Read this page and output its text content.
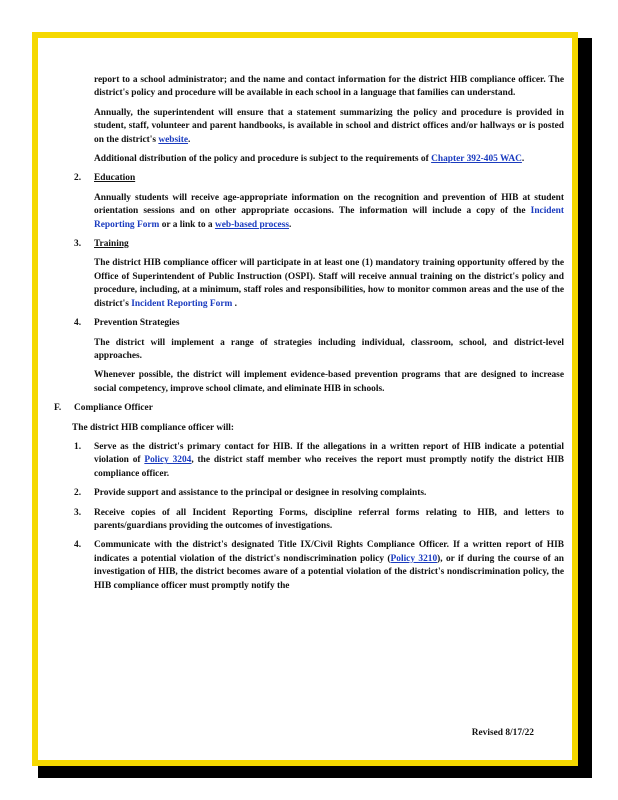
report to a school administrator; and the name and contact information for the district HIB compliance officer. The district's policy and procedure will be available in each school in a language that families can understand.

Annually, the superintendent will ensure that a statement summarizing the policy and procedure is provided in student, staff, volunteer and parent handbooks, is available in school and district offices and/or hallways or is posted on the district's website.

Additional distribution of the policy and procedure is subject to the requirements of Chapter 392-405 WAC.

2. Education

Annually students will receive age-appropriate information on the recognition and prevention of HIB at student orientation sessions and on other appropriate occasions. The information will include a copy of the Incident Reporting Form or a link to a web-based process.

3. Training

The district HIB compliance officer will participate in at least one (1) mandatory training opportunity offered by the Office of Superintendent of Public Instruction (OSPI). Staff will receive annual training on the district's policy and procedure, including, at a minimum, staff roles and responsibilities, how to monitor common areas and the use of the district's Incident Reporting Form .

4. Prevention Strategies

The district will implement a range of strategies including individual, classroom, school, and district-level approaches.

Whenever possible, the district will implement evidence-based prevention programs that are designed to increase social competency, improve school climate, and eliminate HIB in schools.

F. Compliance Officer

The district HIB compliance officer will:

1. Serve as the district's primary contact for HIB. If the allegations in a written report of HIB indicate a potential violation of Policy 3204, the district staff member who receives the report must promptly notify the district HIB compliance officer.

2. Provide support and assistance to the principal or designee in resolving complaints.

3. Receive copies of all Incident Reporting Forms, discipline referral forms relating to HIB, and letters to parents/guardians providing the outcomes of investigations.

4. Communicate with the district's designated Title IX/Civil Rights Compliance Officer. If a written report of HIB indicates a potential violation of the district's nondiscrimination policy (Policy 3210), or if during the course of an investigation of HIB, the district becomes aware of a potential violation of the district's nondiscrimination policy, the HIB compliance officer must promptly notify the

Revised 8/17/22
